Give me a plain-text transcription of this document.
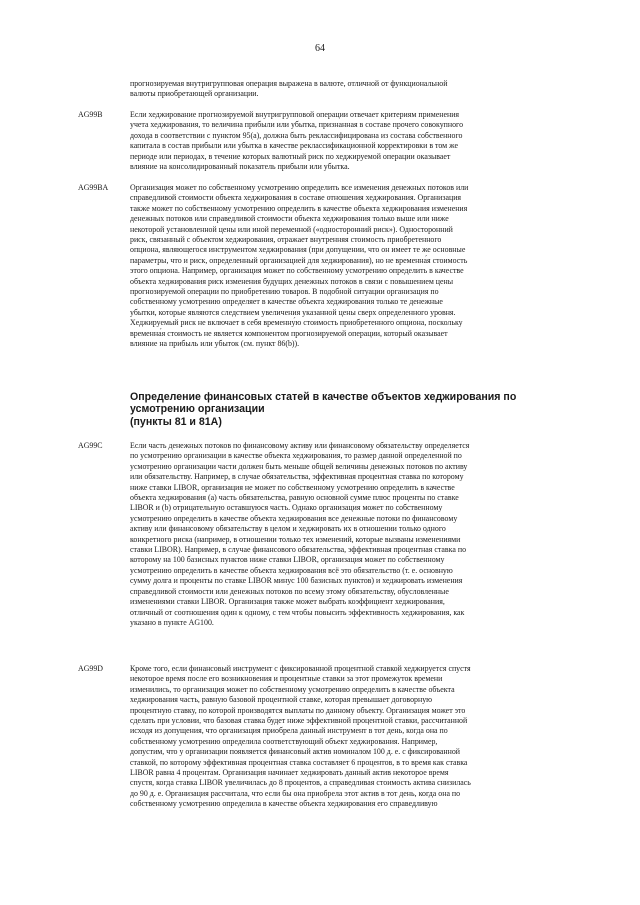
64
прогнозируемая внутригрупповая операция выражена в валюте, отличной от функциональной
валюты приобретающей организации.
AG99B	Если хеджирование прогнозируемой внутригрупповой операции отвечает критериям применения
учета хеджирования, то величина прибыли или убытка, признанная в составе прочего совокупного
дохода в соответствии с пунктом 95(а), должна быть реклассифицирована из состава собственного
капитала в состав прибыли или убытка в качестве реклассификационной корректировки в том же
периоде или периодах, в течение которых валютный риск по хеджируемой операции оказывает
влияние на консолидированный показатель прибыли или убытка.
AG99BA	Организация может по собственному усмотрению определить все изменения денежных потоков или
справедливой стоимости объекта хеджирования в составе отношения хеджирования. Организация
также может по собственному усмотрению определить в качестве объекта хеджирования изменения
денежных потоков или справедливой стоимости объекта хеджирования только выше или ниже
некоторой установленной цены или иной переменной («односторонний риск»). Односторонний
риск, связанный с объектом хеджирования, отражает внутренняя стоимость приобретенного
опциона, являющегося инструментом хеджирования (при допущении, что он имеет те же основные
параметры, что и риск, определенный организацией для хеджирования), но не временна́я стоимость
этого опциона. Например, организация может по собственному усмотрению определить в качестве
объекта хеджирования риск изменения будущих денежных потоков в связи с повышением цены
прогнозируемой операции по приобретению товаров. В подобной ситуации организация по
собственному усмотрению определяет в качестве объекта хеджирования только те денежные
убытки, которые являются следствием увеличения указанной цены сверх определенного уровня.
Хеджируемый риск не включает в себя временну́ю стоимость приобретенного опциона, поскольку
временна́я стоимость не является компонентом прогнозируемой операции, который оказывает
влияние на прибыль или убыток (см. пункт 86(b)).
Определение финансовых статей в качестве объектов хеджирования по
усмотрению организации
(пункты 81 и 81А)
AG99C	Если часть денежных потоков по финансовому активу или финансовому обязательству определяется
по усмотрению организации в качестве объекта хеджирования, то размер данной определенной по
усмотрению организации части должен быть меньше общей величины денежных потоков по активу
или обязательству. Например, в случае обязательства, эффективная процентная ставка по которому
ниже ставки LIBOR, организация не может по собственному усмотрению определить в качестве
объекта хеджирования (а) часть обязательства, равную основной сумме плюс проценты по ставке
LIBOR и (b) отрицательную оставшуюся часть. Однако организация может по собственному
усмотрению определить в качестве объекта хеджирования все денежные потоки по финансовому
активу или финансовому обязательству в целом и хеджировать их в отношении только одного
конкретного риска (например, в отношении только тех изменений, которые вызваны изменениями
ставки LIBOR). Например, в случае финансового обязательства, эффективная процентная ставка по
которому на 100 базисных пунктов ниже ставки LIBOR, организация может по собственному
усмотрению определить в качестве объекта хеджирования всё это обязательство (т. е. основную
сумму долга и проценты по ставке LIBOR минус 100 базисных пунктов) и хеджировать изменения
справедливой стоимости или денежных потоков по всему этому обязательству, обусловленные
изменениями ставки LIBOR. Организация также может выбрать коэффициент хеджирования,
отличный от соотношения один к одному, с тем чтобы повысить эффективность хеджирования, как
указано в пункте AG100.
AG99D	Кроме того, если финансовый инструмент с фиксированной процентной ставкой хеджируется спустя
некоторое время после его возникновения и процентные ставки за этот промежуток времени
изменились, то организация может по собственному усмотрению определить в качестве объекта
хеджирования часть, равную базовой процентной ставке, которая превышает договорную
процентную ставку, по которой производятся выплаты по данному объекту. Организация может это
сделать при условии, что базовая ставка будет ниже эффективной процентной ставки, рассчитанной
исходя из допущения, что организация приобрела данный инструмент в тот день, когда она по
собственному усмотрению определила соответствующий объект хеджирования. Например,
допустим, что у организации появляется финансовый актив номиналом 100 д. е. с фиксированной
ставкой, по которому эффективная процентная ставка составляет 6 процентов, в то время как ставка
LIBOR равна 4 процентам. Организация начинает хеджировать данный актив некоторое время
спустя, когда ставка LIBOR увеличилась до 8 процентов, а справедливая стоимость актива снизилась
до 90 д. е. Организация рассчитала, что если бы она приобрела этот актив в тот день, когда она по
собственному усмотрению определила в качестве объекта хеджирования его справедливую
